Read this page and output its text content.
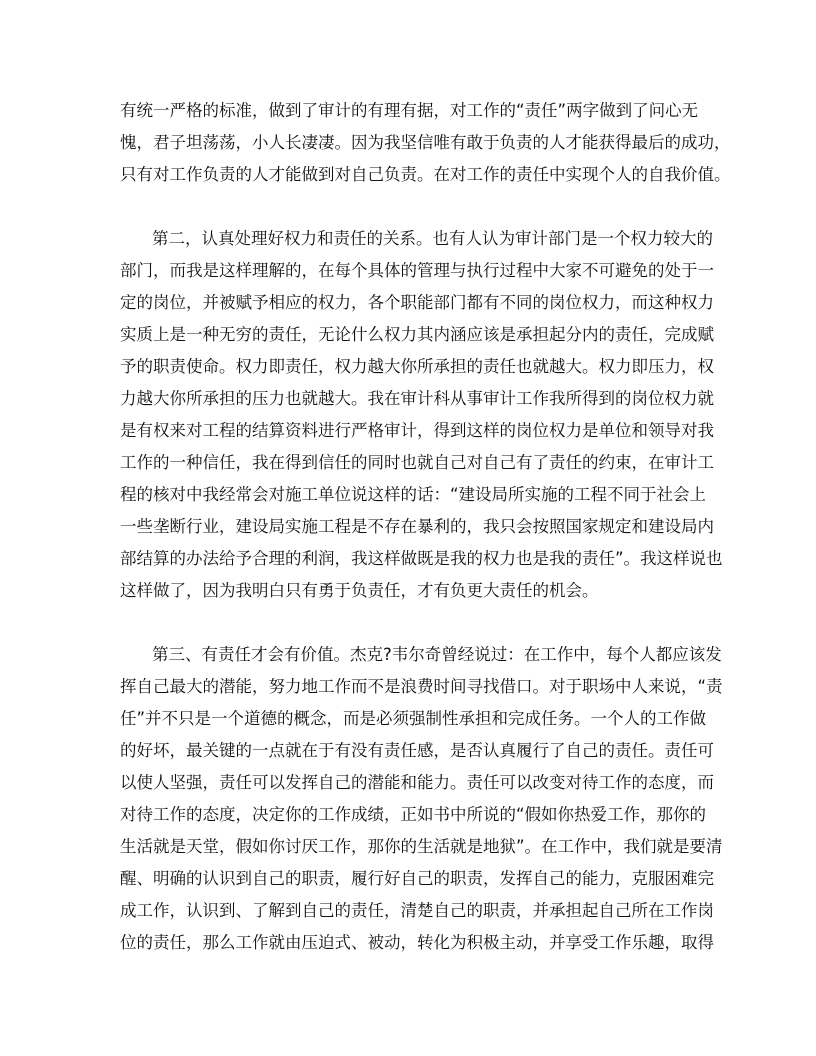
有统一严格的标准，做到了审计的有理有据，对工作的“责任”两字做到了问心无
愧，君子坦荡荡，小人长凄凄。因为我坚信唯有敢于负责的人才能获得最后的成功，
只有对工作负责的人才能做到对自己负责。在对工作的责任中实现个人的自我价值。
第二，认真处理好权力和责任的关系。也有人认为审计部门是一个权力较大的
部门，而我是这样理解的，在每个具体的管理与执行过程中大家不可避免的处于一
定的岗位，并被赋予相应的权力，各个职能部门都有不同的岗位权力，而这种权力
实质上是一种无穷的责任，无论什么权力其内涵应该是承担起分内的责任，完成赋
予的职责使命。权力即责任，权力越大你所承担的责任也就越大。权力即压力，权
力越大你所承担的压力也就越大。我在审计科从事审计工作我所得到的岗位权力就
是有权来对工程的结算资料进行严格审计，得到这样的岗位权力是单位和领导对我
工作的一种信任，我在得到信任的同时也就自己对自己有了责任的约束，在审计工
程的核对中我经常会对施工单位说这样的话：“建设局所实施的工程不同于社会上
一些垄断行业，建设局实施工程是不存在暴利的，我只会按照国家规定和建设局内
部结算的办法给予合理的利润，我这样做既是我的权力也是我的责任”。我这样说也
这样做了，因为我明白只有勇于负责任，才有负更大责任的机会。
第三、有责任才会有价值。杰克?韦尔奇曾经说过：在工作中，每个人都应该发
挥自己最大的潜能，努力地工作而不是浪费时间寻找借口。对于职场中人来说，“责
任”并不只是一个道德的概念，而是必须强制性承担和完成任务。一个人的工作做
的好坏，最关键的一点就在于有没有责任感，是否认真履行了自己的责任。责任可
以使人坚强，责任可以发挥自己的潜能和能力。责任可以改变对待工作的态度，而
对待工作的态度，决定你的工作成绩，正如书中所说的“假如你热爱工作，那你的
生活就是天堂，假如你讨厌工作，那你的生活就是地狱”。在工作中，我们就是要清
醒、明确的认识到自己的职责，履行好自己的职责，发挥自己的能力，克服困难完
成工作，认识到、了解到自己的责任，清楚自己的职责，并承担起自己所在工作岗
位的责任，那么工作就由压迫式、被动，转化为积极主动，并享受工作乐趣，取得
